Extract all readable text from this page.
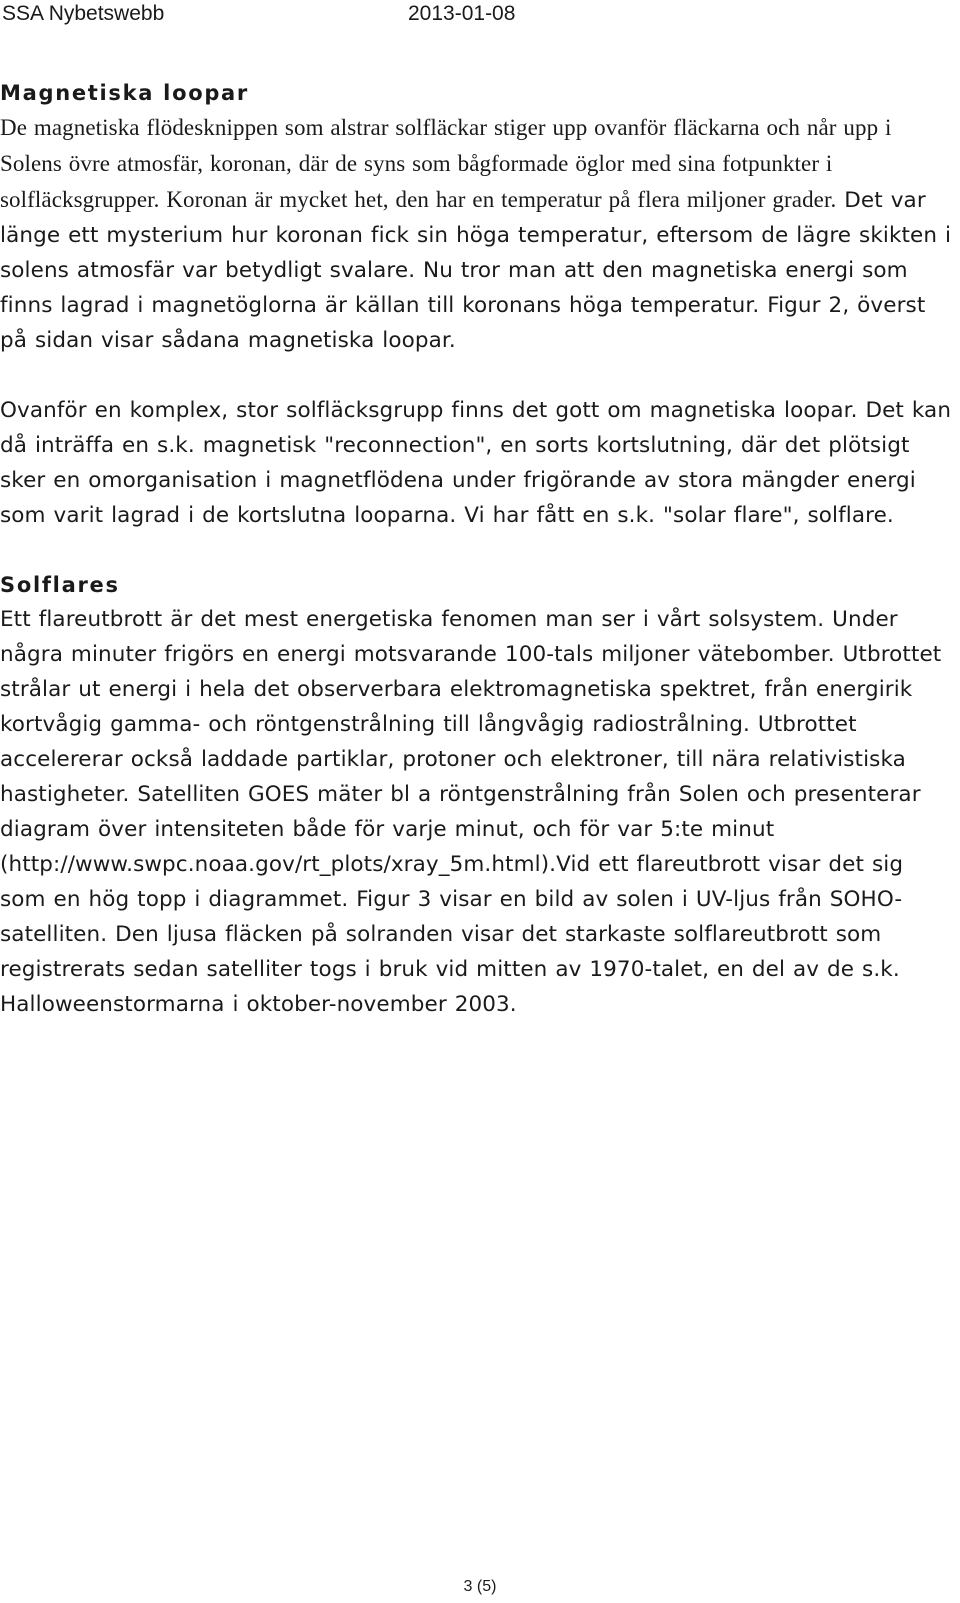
SSA Nybetswebb	2013-01-08
Magnetiska loopar

De magnetiska flödesknippen som alstrar solfläckar stiger upp ovanför fläckarna och når upp i Solens övre atmosfär, koronan, där de syns som bågformade öglor med sina fotpunkter i solfläcksgrupper. Koronan är mycket het, den har en temperatur på flera miljoner grader. Det var länge ett mysterium hur koronan fick sin höga temperatur, eftersom de lägre skikten i solens atmosfär var betydligt svalare. Nu tror man att den magnetiska energi som finns lagrad i magnetöglorna är källan till koronans höga temperatur. Figur 2, överst på sidan visar sådana magnetiska loopar.

Ovanför en komplex, stor solfläcksgrupp finns det gott om magnetiska loopar. Det kan då inträffa en s.k. magnetisk "reconnection", en sorts kortslutning, där det plötsigt sker en omorganisation i magnetflödena under frigörande av stora mängder energi som varit lagrad i de kortslutna looparna. Vi har fått en s.k. "solar flare", solflare.

Solflares

Ett flareutbrott är det mest energetiska fenomen man ser i vårt solsystem. Under några minuter frigörs en energi motsvarande 100-tals miljoner vätebomber. Utbrottet strålar ut energi i hela det observerbara elektromagnetiska spektret, från energirik kortvågig gamma- och röntgenstrålning till långvågig radiostrålning. Utbrottet accelererar också laddade partiklar, protoner och elektroner, till nära relativistiska hastigheter. Satelliten GOES mäter bl a röntgenstrålning från Solen och presenterar diagram över intensiteten både för varje minut, och för var 5:te minut (http://www.swpc.noaa.gov/rt_plots/xray_5m.html).Vid ett flareutbrott visar det sig

som en hög topp i diagrammet. Figur 3 visar en bild av solen i UV-ljus från SOHO-satelliten. Den ljusa fläcken på solranden visar det starkaste solflareutbrott som registrerats sedan satelliter togs i bruk vid mitten av 1970-talet, en del av de s.k. Halloweenstormarna i oktober-november 2003.

3 (5)
